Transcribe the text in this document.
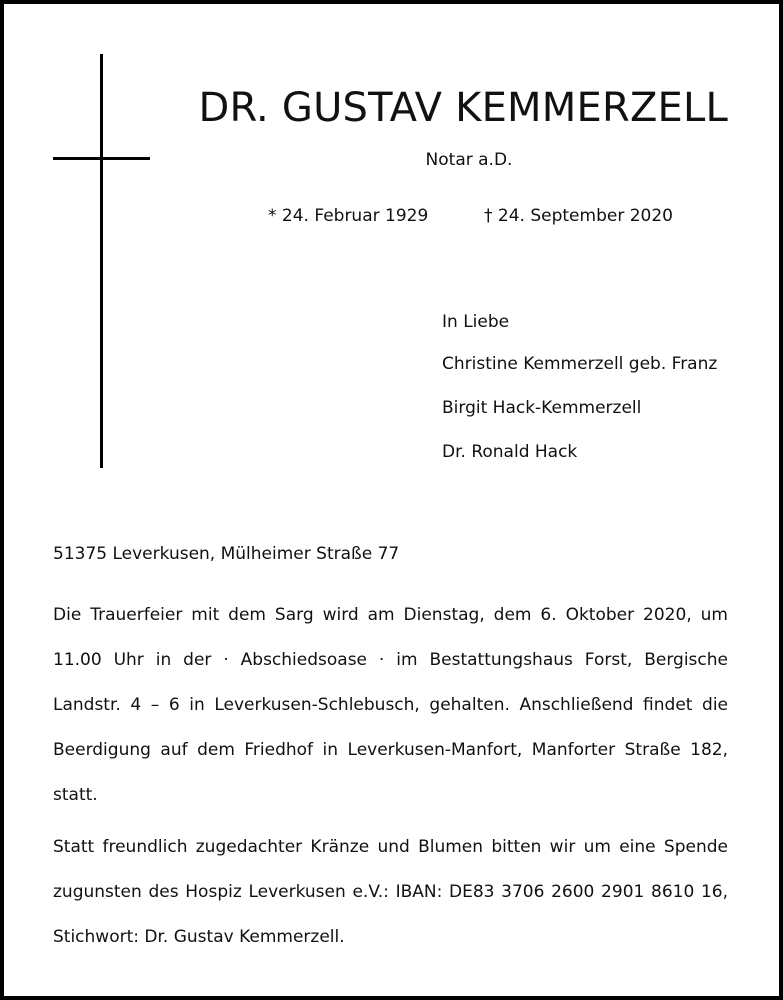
DR. GUSTAV KEMMERZELL
Notar a.D.
* 24. Februar 1929	† 24. September 2020
In Liebe
Christine Kemmerzell geb. Franz
Birgit Hack-Kemmerzell
Dr. Ronald Hack
51375 Leverkusen, Mülheimer Straße 77

Die Trauerfeier mit dem Sarg wird am Dienstag, dem 6. Oktober 2020, um 11.00 Uhr in der · Abschiedsoase · im Bestattungshaus Forst, Bergische Landstr. 4 – 6 in Leverkusen-Schlebusch, gehalten. Anschließend findet die Beerdigung auf dem Friedhof in Leverkusen-Manfort, Manforter Straße 182, statt.

Statt freundlich zugedachter Kränze und Blumen bitten wir um eine Spende zugunsten des Hospiz Leverkusen e.V.: IBAN: DE83 3706 2600 2901 8610 16, Stichwort: Dr. Gustav Kemmerzell.
